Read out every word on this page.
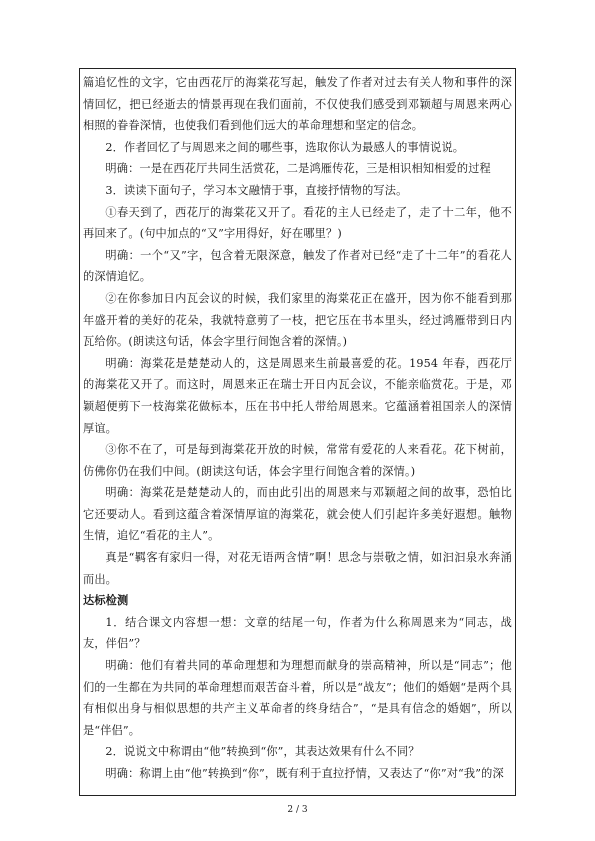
篇追忆性的文字，它由西花厅的海棠花写起，触发了作者对过去有关人物和事件的深情回忆，把已经逝去的情景再现在我们面前，不仅使我们感受到邓颖超与周恩来两心相照的眷眷深情，也使我们看到他们远大的革命理想和坚定的信念。

2．作者回忆了与周恩来之间的哪些事，选取你认为最感人的事情说说。

明确：一是在西花厅共同生活赏花，二是鸿雁传花，三是相识相知相爱的过程

3．读读下面句子，学习本文融情于事，直接抒情物的写法。

①春天到了，西花厅的海棠花又开了。看花的主人已经走了，走了十二年，他不再回来了。(句中加点的“又”字用得好，好在哪里？)

明确：一个“又”字，包含着无限深意，触发了作者对已经“走了十二年”的看花人的深情追忆。

②在你参加日内瓦会议的时候，我们家里的海棠花正在盛开，因为你不能看到那年盛开着的美好的花朵，我就特意剪了一枝，把它压在书本里头，经过鸿雁带到日内瓦给你。(朗读这句话，体会字里行间饱含着的深情。)

明确：海棠花是楚楚动人的，这是周恩来生前最喜爱的花。1954 年春，西花厅的海棠花又开了。而这时，周恩来正在瑞士开日内瓦会议，不能亲临赏花。于是，邓颖超便剪下一枝海棠花做标本，压在书中托人带给周恩来。它蕴涵着祖国亲人的深情厚谊。

③你不在了，可是每到海棠花开放的时候，常常有爱花的人来看花。花下树前，仿佛你仍在我们中间。(朗读这句话，体会字里行间饱含着的深情。)

明确：海棠花是楚楚动人的，而由此引出的周恩来与邓颖超之间的故事，恐怕比它还要动人。看到这蕴含着深情厚谊的海棠花，就会使人们引起许多美好遐想。触物生情，追忆“看花的主人”。

真是“羁客有家归一得，对花无语两含情”啊！思念与崇敬之情，如汩汩泉水奔涌而出。

达标检测

1．结合课文内容想一想：文章的结尾一句，作者为什么称周恩来为“同志，战友，伴侣”？

明确：他们有着共同的革命理想和为理想而献身的崇高精神，所以是“同志”；他们的一生都在为共同的革命理想而艰苦奋斗着，所以是“战友”；他们的婚姻“是两个具有相似出身与相似思想的共产主义革命者的终身结合”，“是具有信念的婚姻”，所以是“伴侣”。

2．说说文中称谓由“他”转换到“你”，其表达效果有什么不同？

明确：称谓上由“他”转换到“你”，既有利于直拉抒情，又表达了“你”对“我”的深

2 / 3
